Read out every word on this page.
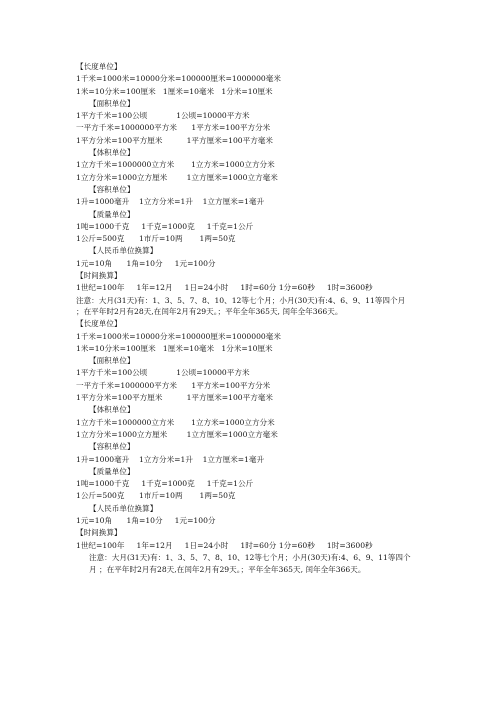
【长度单位】
1千米=1000米=10000分米=100000厘米=1000000毫米
1米=10分米=100厘米   1厘米=10毫米   1分米=10厘米
【面积单位】
1平方千米=100公顷            1公顷=10000平方米
一平方千米=1000000平方米      1平方米=100平方分米
1平方分米=100平方厘米          1平方厘米=100平方毫米
【体积单位】
1立方千米=1000000立方米       1立方米=1000立方分米
1立方分米=1000立方厘米        1立方厘米=1000立方毫米
【容积单位】
1升=1000毫升    1立方分米=1升    1立方厘米=1毫升
【质量单位】
1吨=1000千克     1千克=1000克     1千克=1公斤
1公斤=500克      1市斤=10两       1两=50克
【人民币单位换算】
1元=10角      1角=10分     1元=100分
【时间换算】
1世纪=100年     1年=12月     1日=24小时     1时=60分 1分=60秒     1时=3600秒
注意：大月(31天)有：1、3、5、7、8、10、12等七个月；小月(30天)有:4、6、9、11等四个月 ；在平年时2月有28天,在闰年2月有29天。；平年全年365天, 闰年全年366天。
【长度单位】
1千米=1000米=10000分米=100000厘米=1000000毫米
1米=10分米=100厘米   1厘米=10毫米   1分米=10厘米
【面积单位】
1平方千米=100公顷            1公顷=10000平方米
一平方千米=1000000平方米      1平方米=100平方分米
1平方分米=100平方厘米          1平方厘米=100平方毫米
【体积单位】
1立方千米=1000000立方米       1立方米=1000立方分米
1立方分米=1000立方厘米        1立方厘米=1000立方毫米
【容积单位】
1升=1000毫升    1立方分米=1升    1立方厘米=1毫升
【质量单位】
1吨=1000千克     1千克=1000克     1千克=1公斤
1公斤=500克      1市斤=10两       1两=50克
【人民币单位换算】
1元=10角      1角=10分     1元=100分
【时间换算】
1世纪=100年     1年=12月     1日=24小时     1时=60分 1分=60秒     1时=3600秒
注意：大月(31天)有：1、3、5、7、8、10、12等七个月；小月(30天)有:4、6、9、11等四个月 ；在平年时2月有28天,在闰年2月有29天。；平年全年365天, 闰年全年366天。
